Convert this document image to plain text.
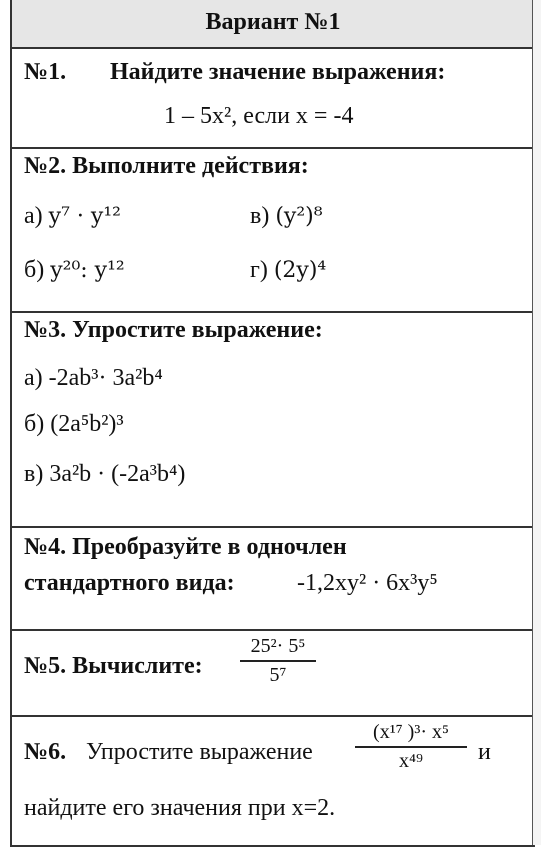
Вариант №1
№1. Найдите значение выражения:
1 – 5x², если x = -4
№2. Выполните действия:
а) y⁷ · y¹²	в) (y²)⁸
б) y²⁰: y¹²	г) (2y)⁴
№3. Упростите выражение:
а) -2ab³· 3a²b⁴
б) (2a⁵b²)³
в) 3a²b · (-2a³b⁴)
№4. Преобразуйте в одночлен
стандартного вида:	-1,2xy² · 6x³y⁵
№5. Вычислите:
25²· 5⁵
5⁷
№6. Упростите выражение
(x¹⁷ )³· x⁵
x⁴⁹	и
найдите его значения при х=2.
